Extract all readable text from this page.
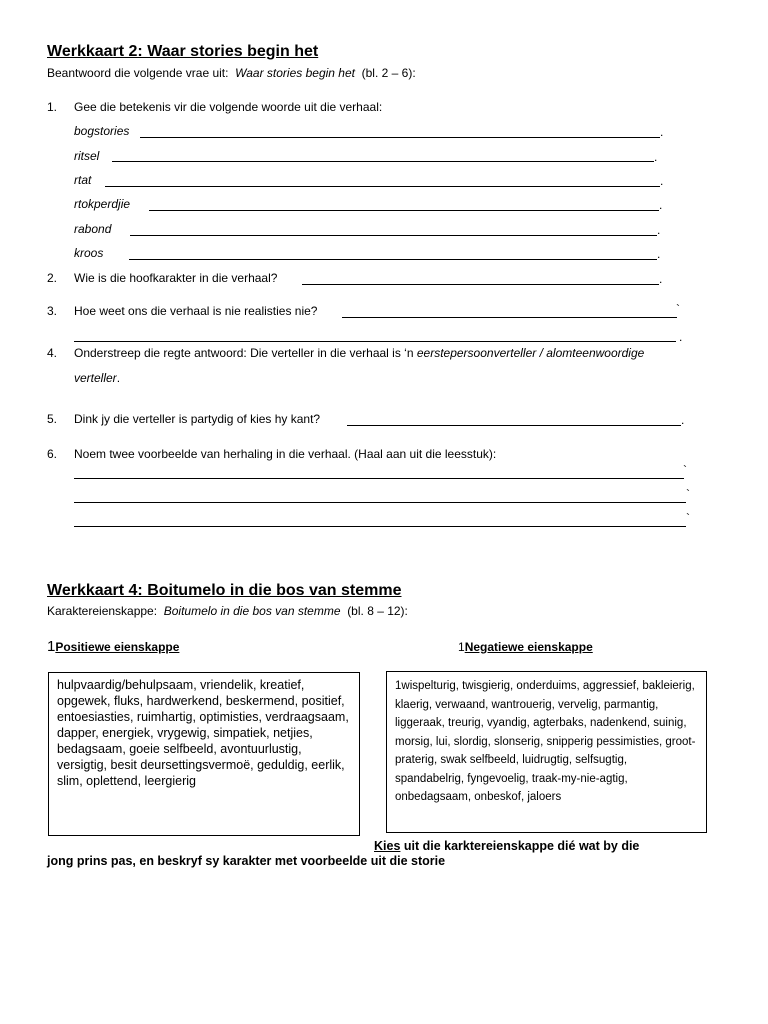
Werkkaart 2: Waar stories begin het
Beantwoord die volgende vrae uit: Waar stories begin het (bl. 2 – 6):
1. Gee die betekenis vir die volgende woorde uit die verhaal:
bogstories	.
ritsel	.
rtat	.
rtokperdjie	.
rabond	.
kroos	.
2. Wie is die hoofkarakter in die verhaal?	.
3. Hoe weet ons die verhaal is nie realisties nie?	`
.
4. Onderstreep die regte antwoord: Die verteller in die verhaal is ‘n eerstepersoonverteller / alomteenwoordige
verteller.
5. Dink jy die verteller is partydig of kies hy kant?	.
6. Noem twee voorbeelde van herhaling in die verhaal. (Haal aan uit die leesstuk):
`
`
`
Werkkaart 4: Boitumelo in die bos van stemme
Karaktereienskappe: Boitumelo in die bos van stemme (bl. 8 – 12):
1Positiewe eienskappe	1Negatiewe eienskappe
hulpvaardig/behulpsaam, vriendelik, kreatief, opgewek, fluks, hardwerkend, beskermend, positief, entoesiasties, ruimhartig, optimisties, verdraagsaam, dapper, energiek, vrygewig, simpatiek, netjies, bedagsaam, goeie selfbeeld, avontuurlustig, versigtig, besit deursettingsvermoë, geduldig, eerlik, slim, oplettend, leergierig
1wispelturig, twisgierig, onderduims, aggressief, bakleierig, klaerig, verwaand, wantrouerig, vervelig, parmantig, liggeraak, treurig, vyandig, agterbaks, nadenkend, suinig, morsig, lui, slordig, slonserig, snipperig pessimisties, groot-praterig, swak selfbeeld, luidrugtig, selfsugtig, spandabelrig, fyngevoelig, traak-my-nie-agtig, onbedagsaam, onbeskof, jaloers
Kies uit die karktereienskappe dié wat by die
jong prins pas, en beskryf sy karakter met voorbeelde uit die storie
